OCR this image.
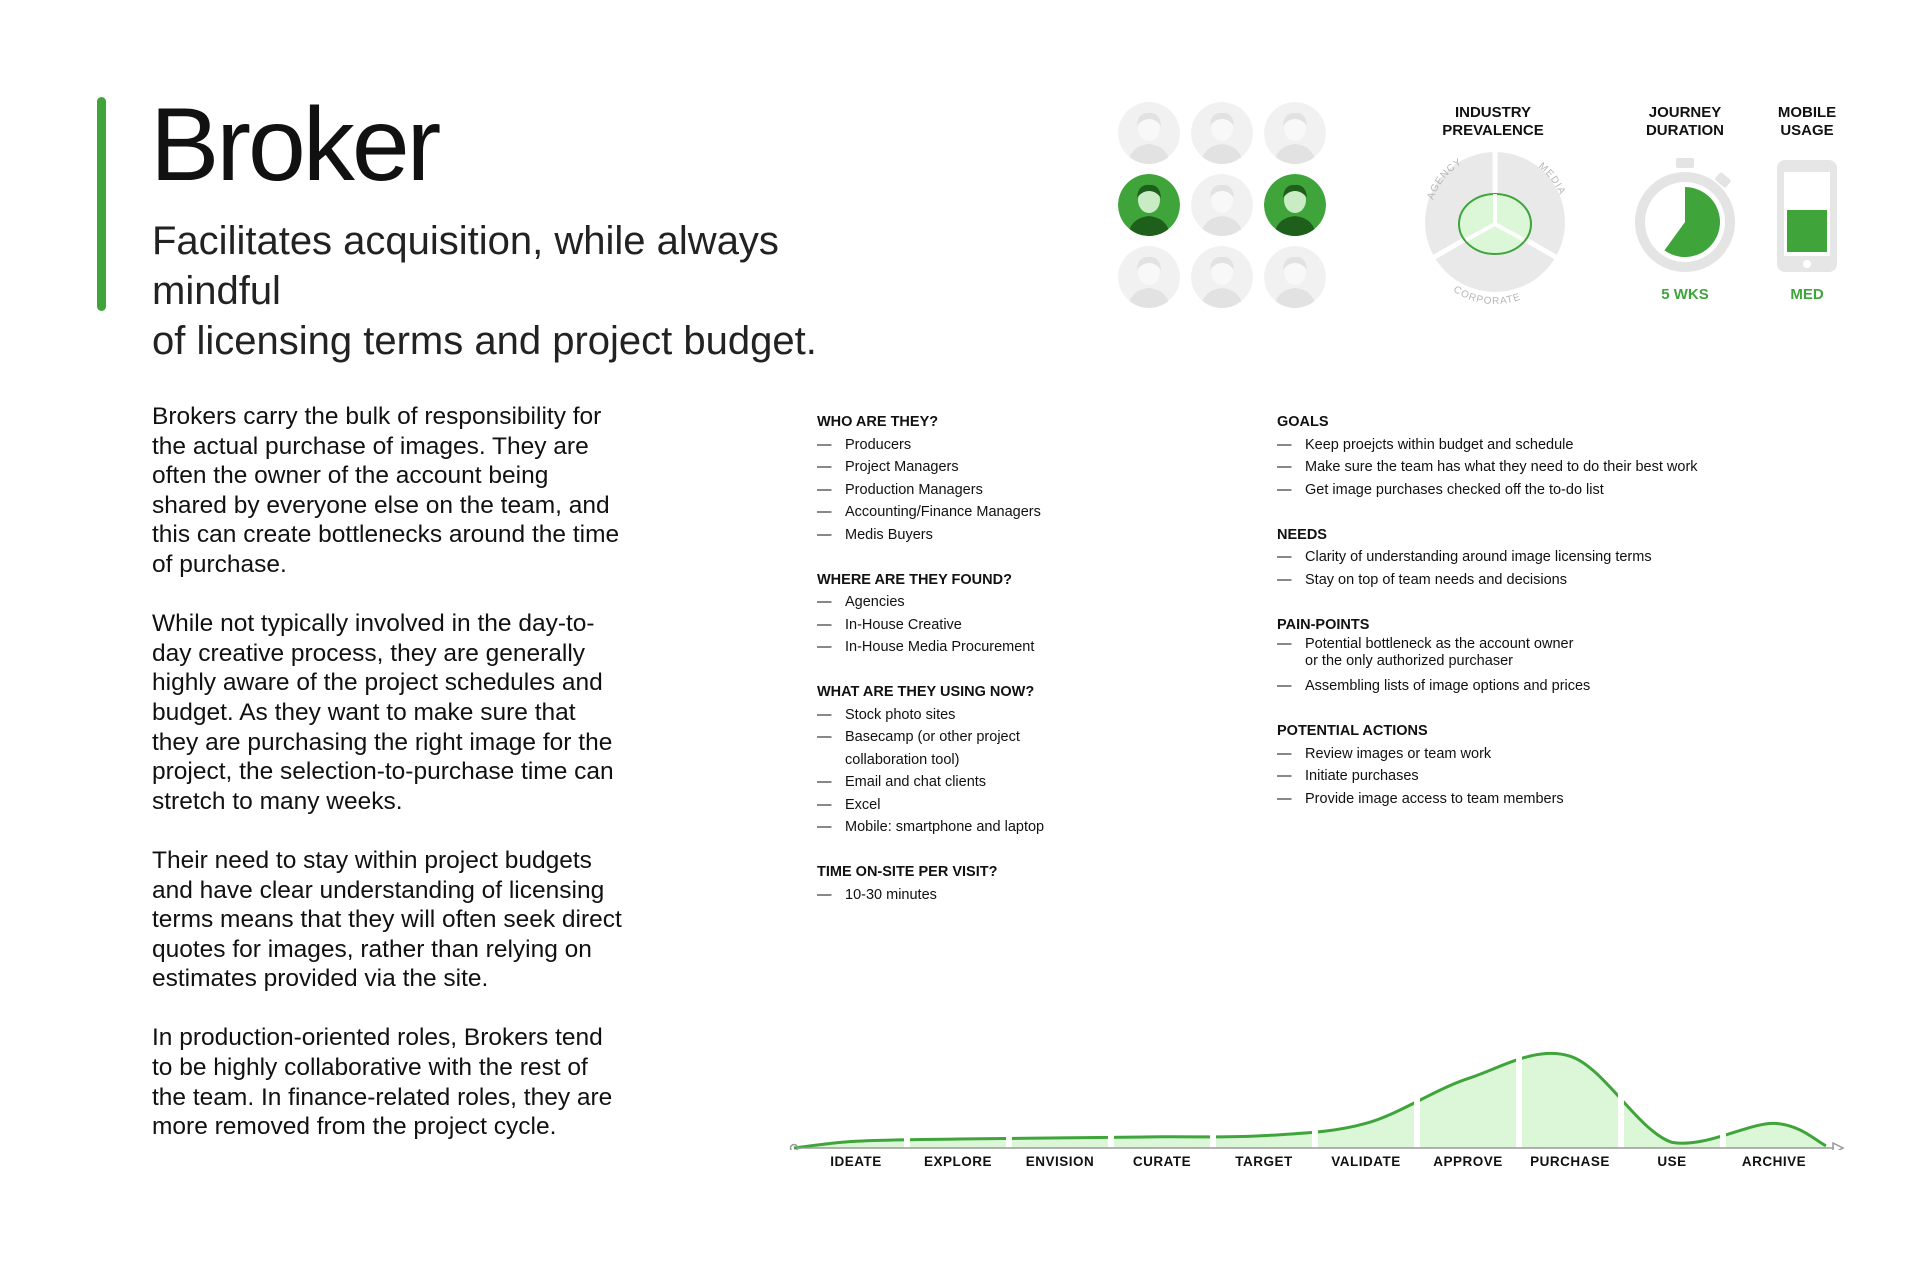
Broker
Facilitates acquisition, while always mindful
of licensing terms and project budget.
INDUSTRY
PREVALENCE
AGENCY	MEDIA
CORPORATE
JOURNEY
DURATION
5 WKS
MOBILE
USAGE
MED

Brokers carry the bulk of responsibility for the actual purchase of images. They are often the owner of the account being shared by everyone else on the team, and this can create bottlenecks around the time of purchase.

While not typically involved in the day-to-day creative process, they are generally highly aware of the project schedules and budget. As they want to make sure that they are purchasing the right image for the project, the selection-to-purchase time can stretch to many weeks.

Their need to stay within project budgets and have clear understanding of licensing terms means that they will often seek direct quotes for images, rather than relying on estimates provided via the site.

In production-oriented roles, Brokers tend to be highly collaborative with the rest of the team. In finance-related roles, they are more removed from the project cycle.

WHO ARE THEY?
— Producers
— Project Managers
— Production Managers
— Accounting/Finance Managers
— Medis Buyers
WHERE ARE THEY FOUND?
— Agencies
— In-House Creative
— In-House Media Procurement
WHAT ARE THEY USING NOW?
— Stock photo sites
— Basecamp (or other project collaboration tool)
— Email and chat clients
— Excel
— Mobile: smartphone and laptop
TIME ON-SITE PER VISIT?
— 10-30 minutes
GOALS
— Keep proejcts within budget and schedule
— Make sure the team has what they need to do their best work
— Get image purchases checked off the to-do list
NEEDS
— Clarity of understanding around image licensing terms
— Stay on top of team needs and decisions
PAIN-POINTS
— Potential bottleneck as the account owner
or the only authorized purchaser
— Assembling lists of image options and prices
POTENTIAL ACTIONS
— Review images or team work
— Initiate purchases
— Provide image access to team members
IDEATE	EXPLORE	ENVISION	CURATE	TARGET	VALIDATE	APPROVE	PURCHASE	USE	ARCHIVE
